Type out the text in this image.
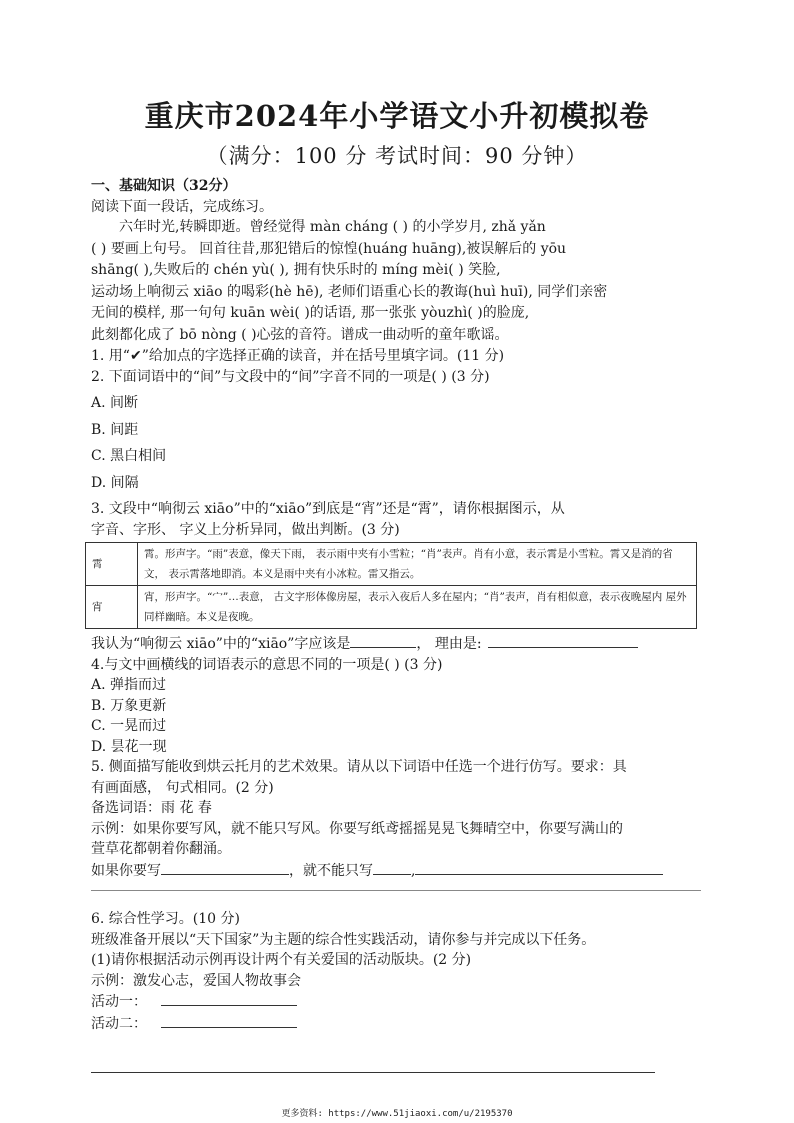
重庆市2024年小学语文小升初模拟卷
（满分：100 分 考试时间：90 分钟）

一、基础知识（32分）

阅读下面一段话，完成练习。

六年时光,转瞬即逝。曾经觉得 màn cháng ( ) 的小学岁月, zhǎ yǎn

( ) 要画上句号。 回首往昔,那犯错后的惊惶(huáng huāng),被误解后的 yōu

shāng( ),失败后的 chén yù( ), 拥有快乐时的 míng mèi( ) 笑脸,

运动场上响彻云 xiāo 的喝彩(hè hē), 老师们语重心长的教诲(huì huī), 同学们亲密

无间的模样, 那一句句 kuān wèi( )的话语, 那一张张 yòuzhì( )的脸庞,

此刻都化成了 bō nòng ( )心弦的音符。谱成一曲动听的童年歌谣。

1. 用“✔”给加点的字选择正确的读音，并在括号里填字词。(11 分)

2. 下面词语中的“间”与文段中的“间”字音不同的一项是( ) (3 分)

A. 间断

B. 间距

C. 黑白相间

D. 间隔

3. 文段中“响彻云 xiāo”中的“xiāo”到底是“宵”还是“霄”，请你根据图示，从

字音、字形、 字义上分析异同，做出判断。(3 分)

霄	霄。形声字。“雨”表意，像天下雨， 表示雨中夹有小雪粒；“肖”表声。肖有小意，表示霄是小雪粒。霄又是消的省文， 表示霄落地即消。本义是雨中夹有小冰粒。雷又指云。
宵	宵，形声字。“宀”…表意， 古文字形体像房屋，表示入夜后人多在屋内；“肖”表声，肖有相似意，表示夜晚屋内 屋外同样幽暗。本义是夜晚。

我认为“响彻云 xiāo”中的“xiāo”字应该是	， 理由是:

4.与文中画横线的词语表示的意思不同的一项是( ) (3 分)

A. 弹指而过

B. 万象更新

C. 一晃而过

D. 昙花一现

5. 侧面描写能收到烘云托月的艺术效果。请从以下词语中任选一个进行仿写。要求：具

有画面感， 句式相同。(2 分)

备选词语：雨 花 春

示例：如果你要写风，就不能只写风。你要写纸鸢摇摇晃晃飞舞晴空中，你要写满山的

萱草花都朝着你翻涌。

如果你要写	，就不能只写	,

6. 综合性学习。(10 分)

班级准备开展以“天下国家”为主题的综合性实践活动，请你参与并完成以下任务。

(1)请你根据活动示例再设计两个有关爱国的活动版块。(2 分)

示例：激发心志，爱国人物故事会

活动一：

活动二：

更多资料: https://www.51jiaoxi.com/u/2195370
